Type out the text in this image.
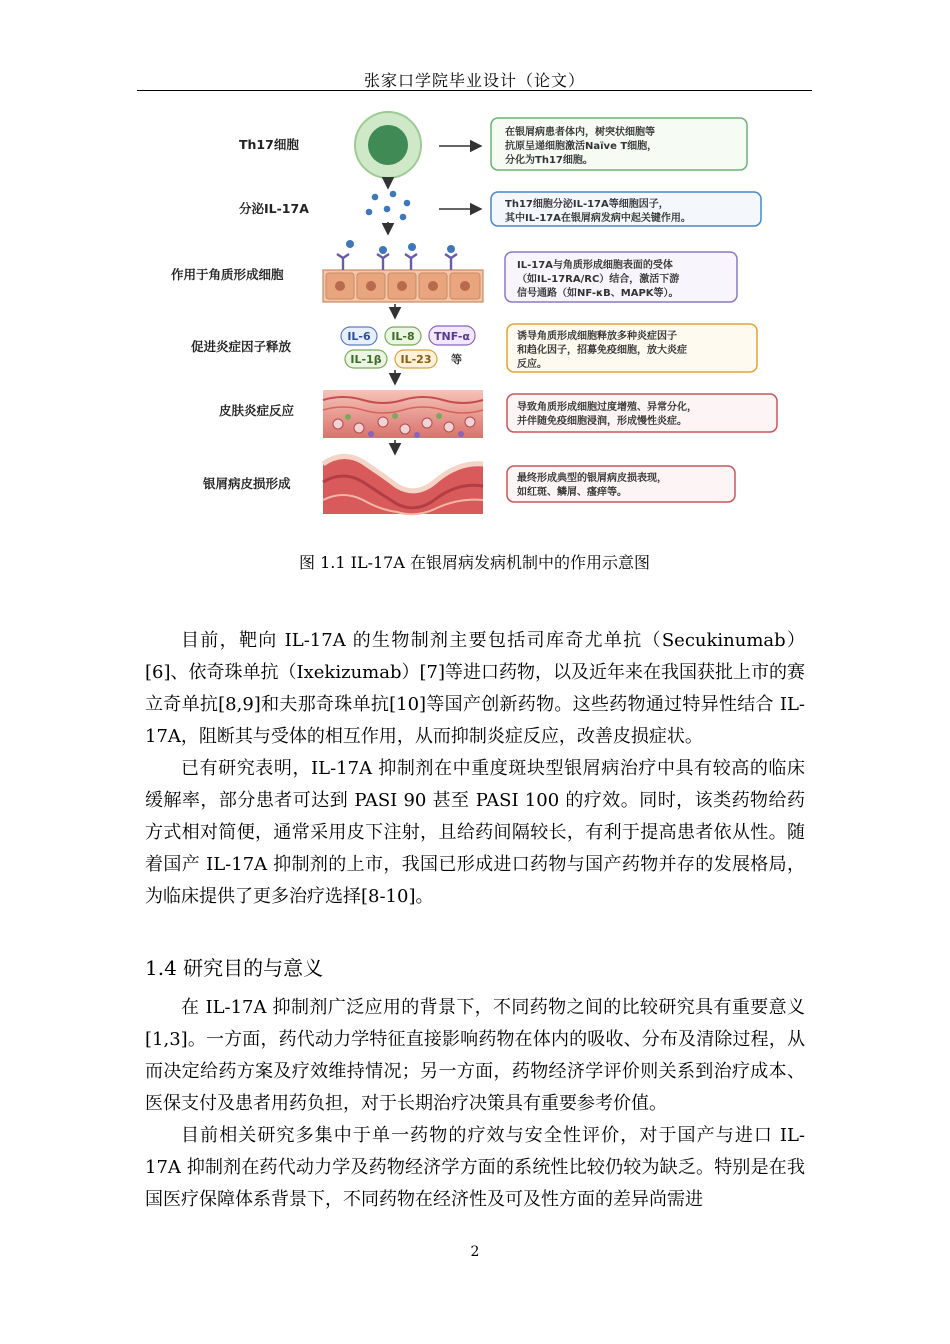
张家口学院毕业设计（论文）
Th17细胞
分泌IL-17A
作用于角质形成细胞
促进炎症因子释放
皮肤炎症反应
银屑病皮损形成
IL-6 IL-8 TNF-α
IL-1β IL-23 等
在银屑病患者体内，树突状细胞等
抗原呈递细胞激活Naïve T细胞，
分化为Th17细胞。
Th17细胞分泌IL-17A等细胞因子，
其中IL-17A在银屑病发病中起关键作用。
IL-17A与角质形成细胞表面的受体
（如IL-17RA/RC）结合，激活下游
信号通路（如NF-κB、MAPK等）。
诱导角质形成细胞释放多种炎症因子
和趋化因子，招募免疫细胞，放大炎症
反应。
导致角质形成细胞过度增殖、异常分化，
并伴随免疫细胞浸润，形成慢性炎症。
最终形成典型的银屑病皮损表现，
如红斑、鳞屑、瘙痒等。
图 1.1 IL-17A 在银屑病发病机制中的作用示意图

目前，靶向 IL-17A 的生物制剂主要包括司库奇尤单抗（Secukinumab）[6]、依奇珠单抗（Ixekizumab）[7]等进口药物，以及近年来在我国获批上市的赛立奇单抗[8,9]和夫那奇珠单抗[10]等国产创新药物。这些药物通过特异性结合 IL-17A，阻断其与受体的相互作用，从而抑制炎症反应，改善皮损症状。

已有研究表明，IL-17A 抑制剂在中重度斑块型银屑病治疗中具有较高的临床缓解率，部分患者可达到 PASI 90 甚至 PASI 100 的疗效。同时，该类药物给药方式相对简便，通常采用皮下注射，且给药间隔较长，有利于提高患者依从性。随着国产 IL-17A 抑制剂的上市，我国已形成进口药物与国产药物并存的发展格局，为临床提供了更多治疗选择[8-10]。

1.4 研究目的与意义

在 IL-17A 抑制剂广泛应用的背景下，不同药物之间的比较研究具有重要意义[1,3]。一方面，药代动力学特征直接影响药物在体内的吸收、分布及清除过程，从而决定给药方案及疗效维持情况；另一方面，药物经济学评价则关系到治疗成本、医保支付及患者用药负担，对于长期治疗决策具有重要参考价值。

目前相关研究多集中于单一药物的疗效与安全性评价，对于国产与进口 IL-17A 抑制剂在药代动力学及药物经济学方面的系统性比较仍较为缺乏。特别是在我国医疗保障体系背景下，不同药物在经济性及可及性方面的差异尚需进

2
